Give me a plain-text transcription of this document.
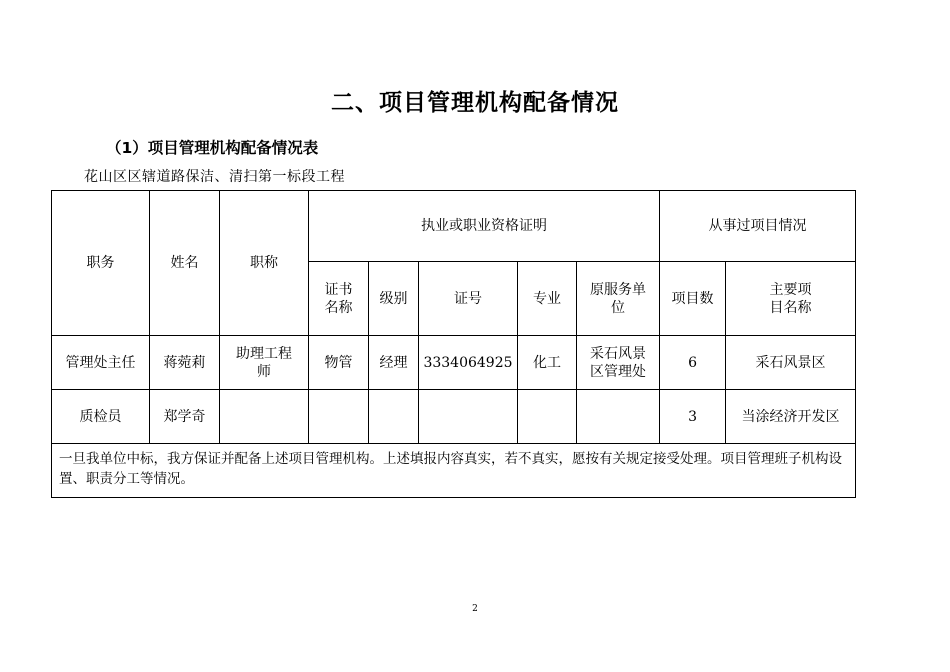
二、项目管理机构配备情况
（1）项目管理机构配备情况表
花山区区辖道路保洁、清扫第一标段工程
职务	姓名	职称	执业或职业资格证明					从事过项目情况	
			证书名称	级别	证号	专业	原服务单位	项目数	主要项目名称
管理处主任	蒋菀莉	助理工程师	物管	经理	3334064925	化工	采石风景区管理处	6	采石风景区
质检员	郑学奇							3	当涂经济开发区
一旦我单位中标，我方保证并配备上述项目管理机构。上述填报内容真实，若不真实，愿按有关规定接受处理。项目管理班子机构设置、职责分工等情况。									
2
